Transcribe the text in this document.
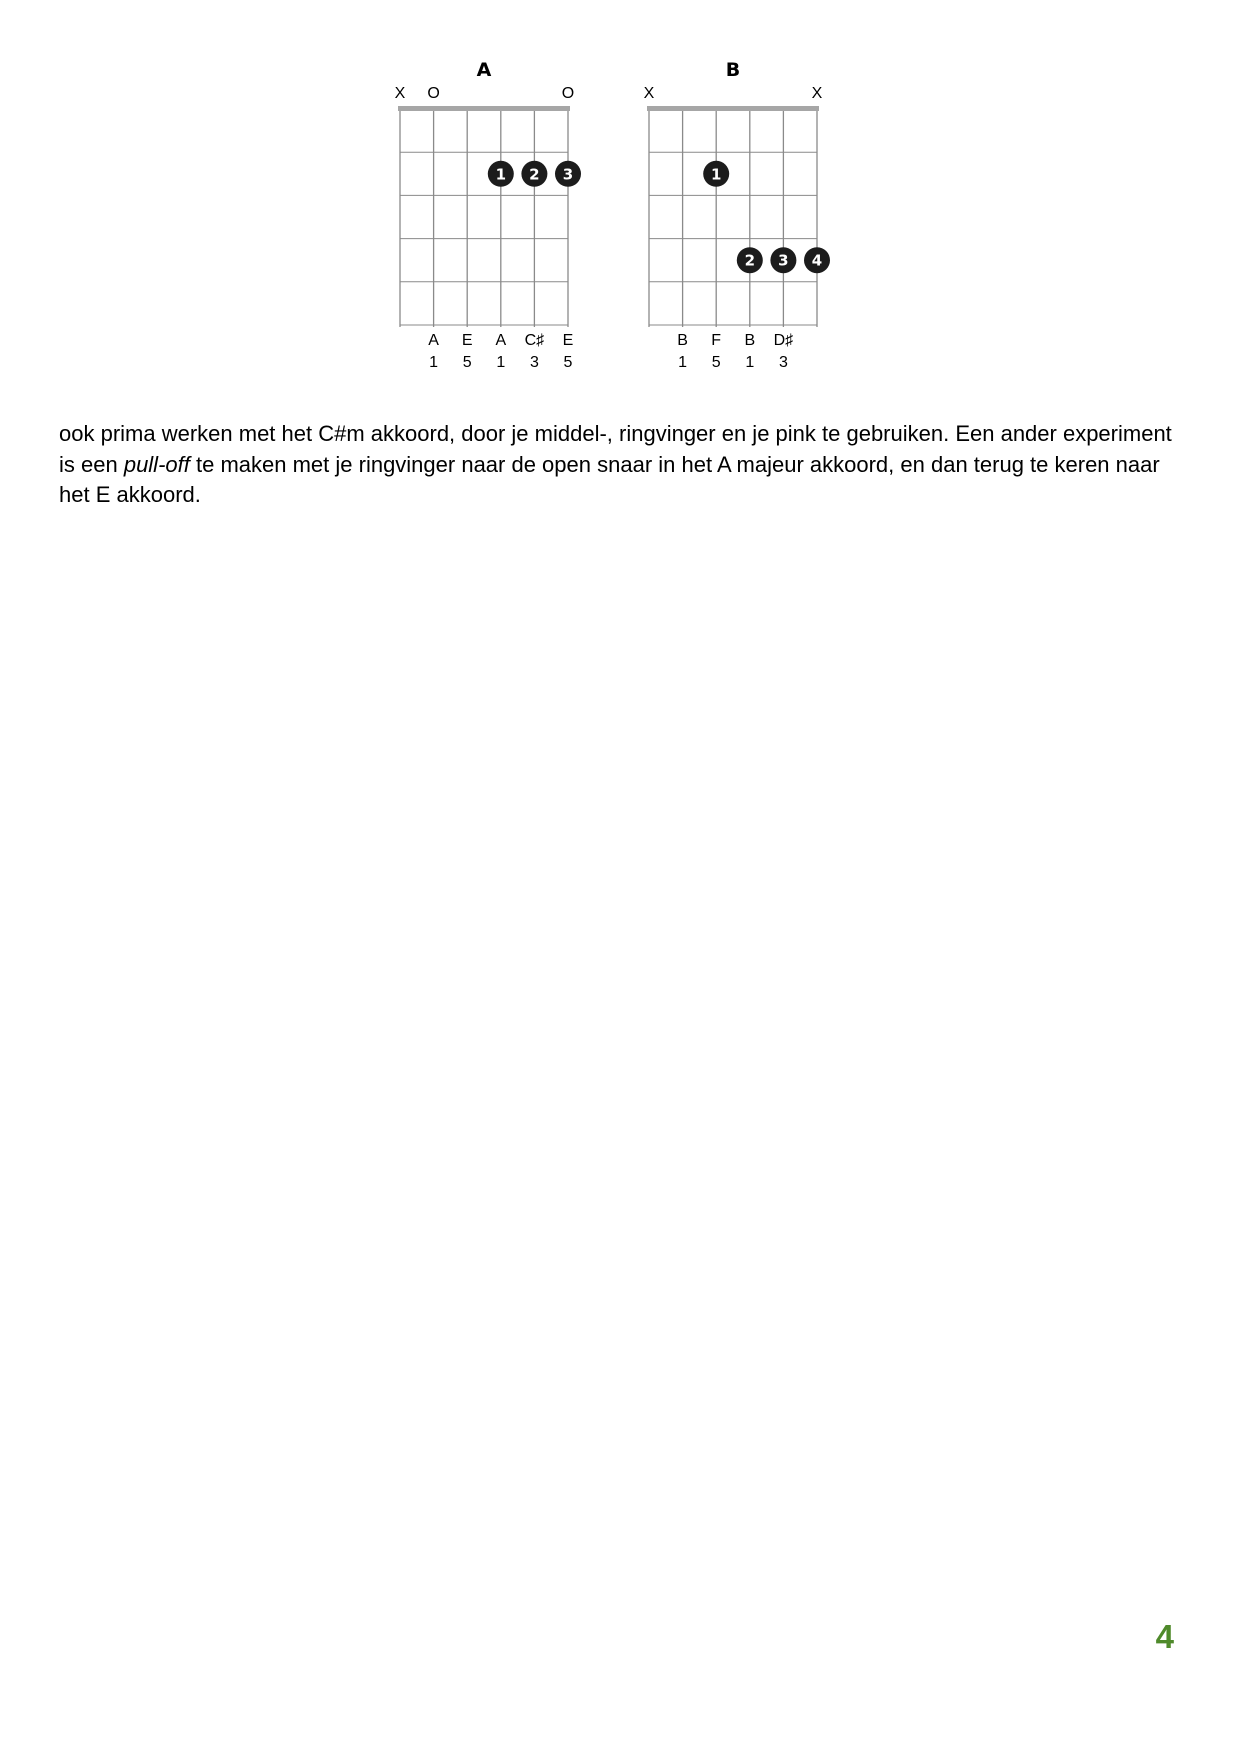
A
X O	O
1 2 3
A E A C♯ E
1 5 1 3 5
B
X	X
1
2 3 4
B F B D♯
1 5 1 3

ook prima werken met het C#m akkoord, door je middel-, ringvinger en je pink te gebruiken. Een ander experiment is een pull-off te maken met je ringvinger naar de open snaar in het A majeur akkoord, en dan terug te keren naar het E akkoord.

4
